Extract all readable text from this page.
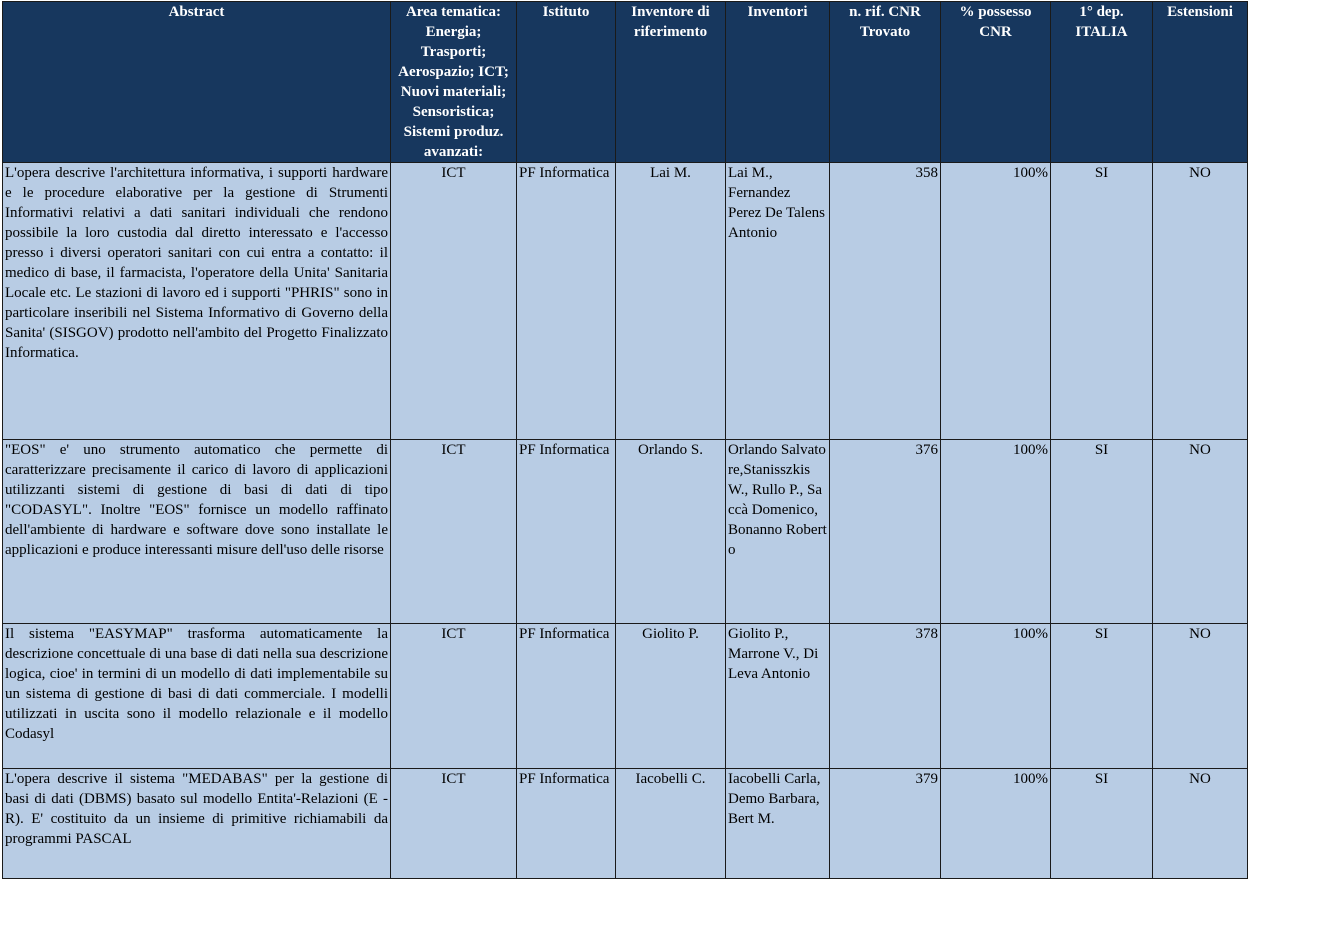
Abstract	Area tematica: Energia; Trasporti; Aerospazio; ICT; Nuovi materiali; Sensoristica; Sistemi produz. avanzati:	Istituto	Inventore di riferimento	Inventori	n. rif. CNR Trovato	% possesso CNR	1° dep. ITALIA	Estensioni
L'opera descrive l'architettura informativa, i supporti hardware e le procedure elaborative per la gestione di Strumenti Informativi relativi a dati sanitari individuali che rendono possibile la loro custodia dal diretto interessato e l'accesso presso i diversi operatori sanitari con cui entra a contatto: il medico di base, il farmacista, l'operatore della Unita' Sanitaria Locale etc. Le stazioni di lavoro ed i supporti "PHRIS" sono in particolare inseribili nel Sistema Informativo di Governo della Sanita' (SISGOV) prodotto nell'ambito del Progetto Finalizzato Informatica.	ICT	PF Informatica	Lai M.	Lai M., Fernandez Perez De Talens Antonio	358	100%	SI	NO
"EOS" e' uno strumento automatico che permette di caratterizzare precisamente il carico di lavoro di applicazioni utilizzanti sistemi di gestione di basi di dati di tipo "CODASYL". Inoltre "EOS" fornisce un modello raffinato dell'ambiente di hardware e software dove sono installate le applicazioni e produce interessanti misure dell'uso delle risorse	ICT	PF Informatica	Orlando S.	Orlando Salvatore,Stanisszkis W., Rullo P., Saccà Domenico, Bonanno Roberto	376	100%	SI	NO
Il sistema "EASYMAP" trasforma automaticamente la descrizione concettuale di una base di dati nella sua descrizione logica, cioe' in termini di un modello di dati implementabile su un sistema di gestione di basi di dati commerciale. I modelli utilizzati in uscita sono il modello relazionale e il modello Codasyl	ICT	PF Informatica	Giolito P.	Giolito P., Marrone V., Di Leva Antonio	378	100%	SI	NO
L'opera descrive il sistema "MEDABAS" per la gestione di basi di dati (DBMS) basato sul modello Entita'-Relazioni (E - R). E' costituito da un insieme di primitive richiamabili da programmi PASCAL	ICT	PF Informatica	Iacobelli C.	Iacobelli Carla, Demo Barbara, Bert M.	379	100%	SI	NO
